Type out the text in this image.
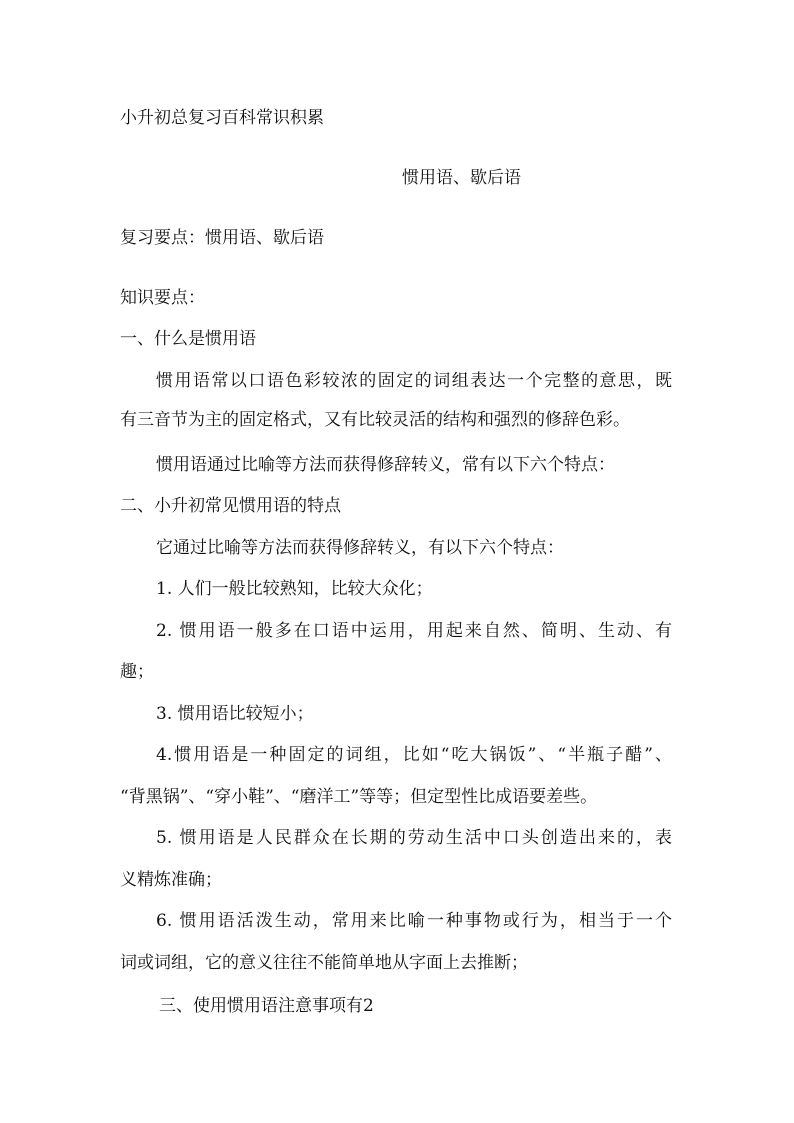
小升初总复习百科常识积累
惯用语、歇后语
复习要点：惯用语、歇后语
知识要点：
一、什么是惯用语
惯用语常以口语色彩较浓的固定的词组表达一个完整的意思，既
有三音节为主的固定格式，又有比较灵活的结构和强烈的修辞色彩。
惯用语通过比喻等方法而获得修辞转义，常有以下六个特点：
二、小升初常见惯用语的特点
它通过比喻等方法而获得修辞转义，有以下六个特点：
1. 人们一般比较熟知，比较大众化；
2. 惯用语一般多在口语中运用，用起来自然、简明、生动、有
趣；
3. 惯用语比较短小；
4.惯用语是一种固定的词组，比如“吃大锅饭”、“半瓶子醋”、
“背黑锅”、“穿小鞋”、“磨洋工”等等；但定型性比成语要差些。
5. 惯用语是人民群众在长期的劳动生活中口头创造出来的，表
义精炼准确；
6. 惯用语活泼生动，常用来比喻一种事物或行为，相当于一个
词或词组，它的意义往往不能简单地从字面上去推断；
三、使用惯用语注意事项有2
